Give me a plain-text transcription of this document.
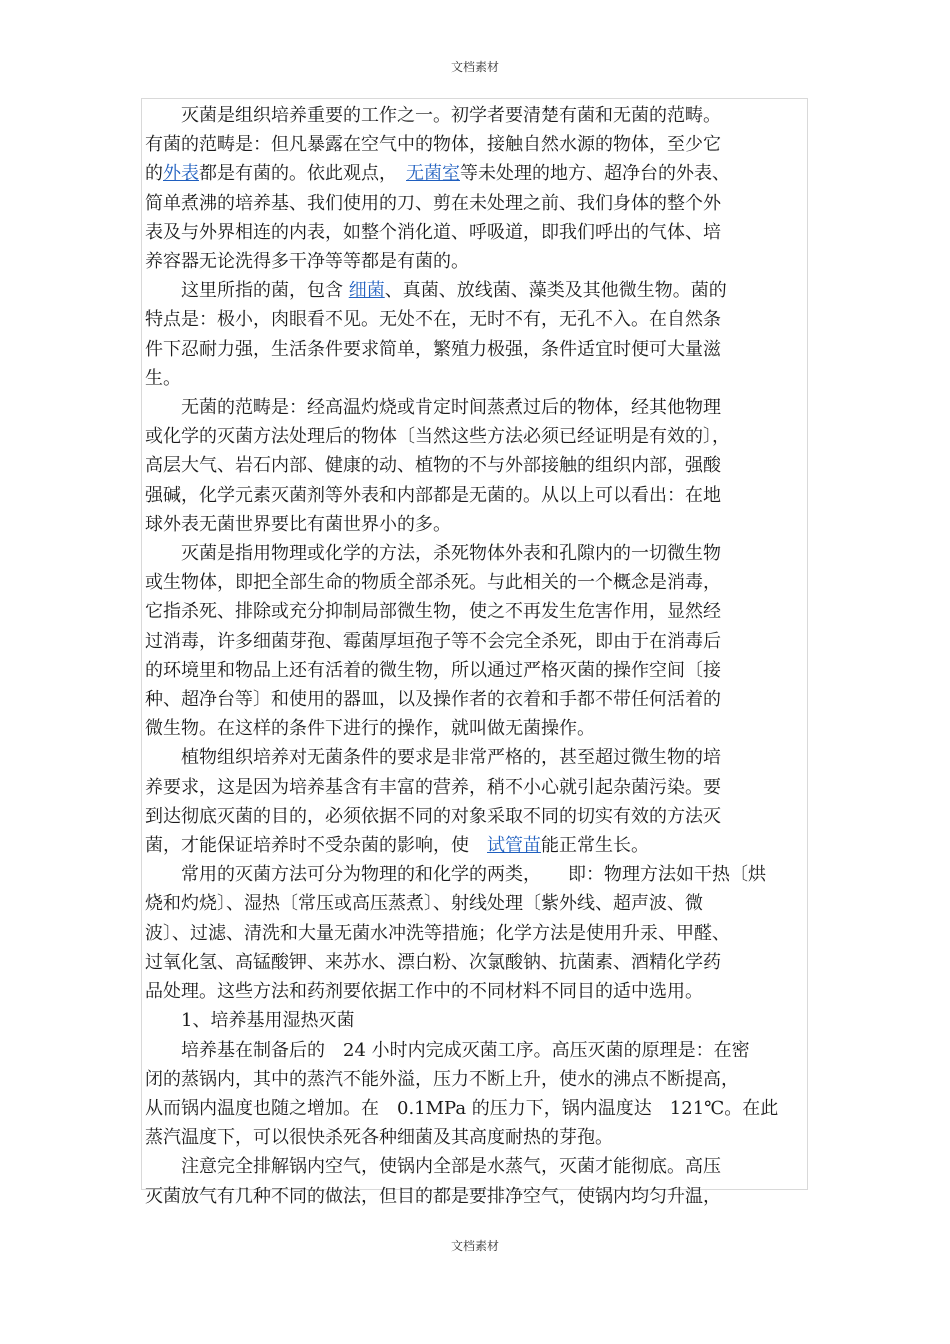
文档素材

　　灭菌是组织培养重要的工作之一。初学者要清楚有菌和无菌的范畴。

有菌的范畴是：但凡暴露在空气中的物体，接触自然水源的物体，至少它

的外表都是有菌的。依此观点，　无菌室等未处理的地方、超净台的外表、

简单煮沸的培养基、我们使用的刀、剪在未处理之前、我们身体的整个外

表及与外界相连的内表，如整个消化道、呼吸道，即我们呼出的气体、培

养容器无论洗得多干净等等都是有菌的。

　　这里所指的菌，包含 细菌、真菌、放线菌、藻类及其他微生物。菌的

特点是：极小，肉眼看不见。无处不在，无时不有，无孔不入。在自然条

件下忍耐力强，生活条件要求简单，繁殖力极强，条件适宜时便可大量滋

生。

　　无菌的范畴是：经高温灼烧或肯定时间蒸煮过后的物体，经其他物理

或化学的灭菌方法处理后的物体〔当然这些方法必须已经证明是有效的〕，

高层大气、岩石内部、健康的动、植物的不与外部接触的组织内部，强酸

强碱，化学元素灭菌剂等外表和内部都是无菌的。从以上可以看出：在地

球外表无菌世界要比有菌世界小的多。

　　灭菌是指用物理或化学的方法，杀死物体外表和孔隙内的一切微生物

或生物体，即把全部生命的物质全部杀死。与此相关的一个概念是消毒，

它指杀死、排除或充分抑制局部微生物，使之不再发生危害作用，显然经

过消毒，许多细菌芽孢、霉菌厚垣孢子等不会完全杀死，即由于在消毒后

的环境里和物品上还有活着的微生物，所以通过严格灭菌的操作空间〔接

种、超净台等〕和使用的器皿，以及操作者的衣着和手都不带任何活着的

微生物。在这样的条件下进行的操作，就叫做无菌操作。

　　植物组织培养对无菌条件的要求是非常严格的，甚至超过微生物的培

养要求，这是因为培养基含有丰富的营养，稍不小心就引起杂菌污染。要

到达彻底灭菌的目的，必须依据不同的对象采取不同的切实有效的方法灭

菌，才能保证培养时不受杂菌的影响，使　试管苗能正常生长。

　　常用的灭菌方法可分为物理的和化学的两类，　　即：物理方法如干热〔烘

烧和灼烧〕、湿热〔常压或高压蒸煮〕、射线处理〔紫外线、超声波、微

波〕、过滤、清洗和大量无菌水冲洗等措施；化学方法是使用升汞、甲醛、

过氧化氢、高锰酸钾、来苏水、漂白粉、次氯酸钠、抗菌素、酒精化学药

品处理。这些方法和药剂要依据工作中的不同材料不同目的适中选用。

　　1、培养基用湿热灭菌

　　培养基在制备后的　24 小时内完成灭菌工序。高压灭菌的原理是：在密

闭的蒸锅内，其中的蒸汽不能外溢，压力不断上升，使水的沸点不断提高，

从而锅内温度也随之增加。在　0.1MPa 的压力下，锅内温度达　121℃。在此

蒸汽温度下，可以很快杀死各种细菌及其高度耐热的芽孢。

　　注意完全排解锅内空气，使锅内全部是水蒸气，灭菌才能彻底。高压

灭菌放气有几种不同的做法，但目的都是要排净空气，使锅内均匀升温，

文档素材
